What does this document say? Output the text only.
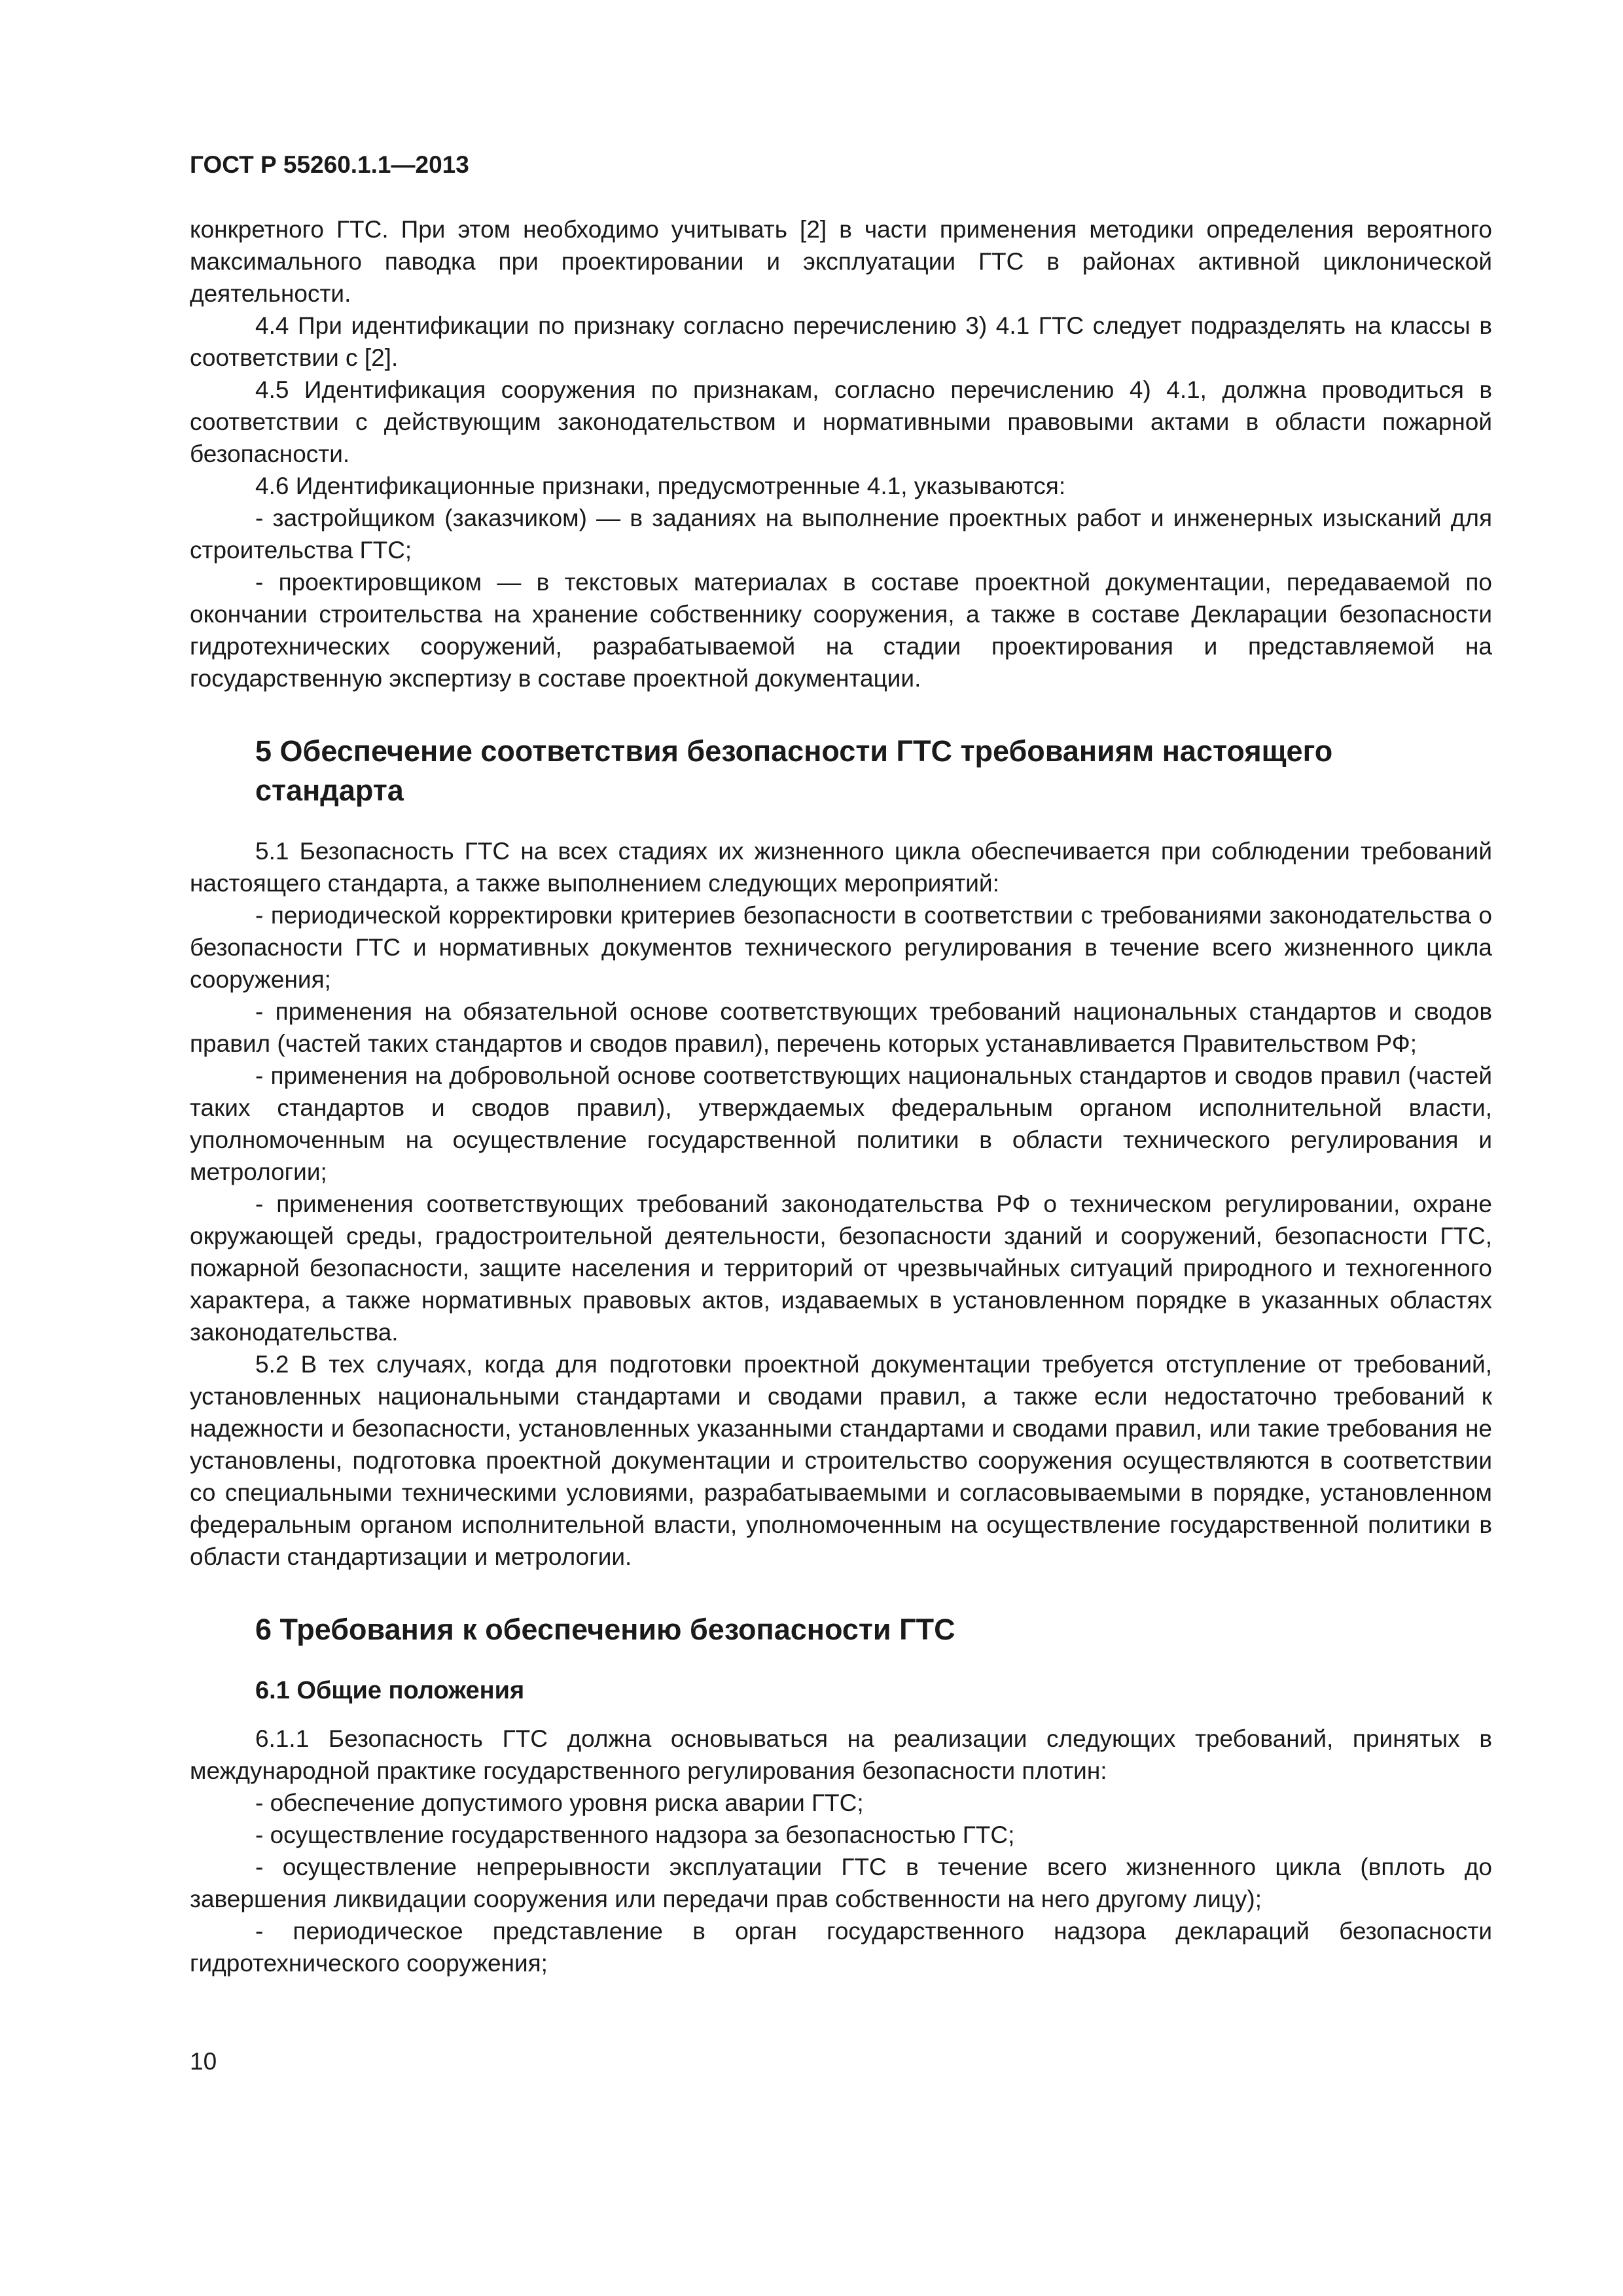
ГОСТ Р 55260.1.1—2013

конкретного ГТС. При этом необходимо учитывать [2] в части применения методики определения вероятного максимального паводка при проектировании и эксплуатации ГТС в районах активной циклонической деятельности.

4.4 При идентификации по признаку согласно перечислению 3) 4.1 ГТС следует подразделять на классы в соответствии с [2].

4.5 Идентификация сооружения по признакам, согласно перечислению 4) 4.1, должна проводиться в соответствии с действующим законодательством и нормативными правовыми актами в области пожарной безопасности.

4.6 Идентификационные признаки, предусмотренные 4.1, указываются:

- застройщиком (заказчиком) — в заданиях на выполнение проектных работ и инженерных изысканий для строительства ГТС;

- проектировщиком — в текстовых материалах в составе проектной документации, передаваемой по окончании строительства на хранение собственнику сооружения, а также в составе Декларации безопасности гидротехнических сооружений, разрабатываемой на стадии проектирования и представляемой на государственную экспертизу в составе проектной документации.

5 Обеспечение соответствия безопасности ГТС требованиям настоящего стандарта

5.1 Безопасность ГТС на всех стадиях их жизненного цикла обеспечивается при соблюдении требований настоящего стандарта, а также выполнением следующих мероприятий:

- периодической корректировки критериев безопасности в соответствии с требованиями законодательства о безопасности ГТС и нормативных документов технического регулирования в течение всего жизненного цикла сооружения;

- применения на обязательной основе соответствующих требований национальных стандартов и сводов правил (частей таких стандартов и сводов правил), перечень которых устанавливается Правительством РФ;

- применения на добровольной основе соответствующих национальных стандартов и сводов правил (частей таких стандартов и сводов правил), утверждаемых федеральным органом исполнительной власти, уполномоченным на осуществление государственной политики в области технического регулирования и метрологии;

- применения соответствующих требований законодательства РФ о техническом регулировании, охране окружающей среды, градостроительной деятельности, безопасности зданий и сооружений, безопасности ГТС, пожарной безопасности, защите населения и территорий от чрезвычайных ситуаций природного и техногенного характера, а также нормативных правовых актов, издаваемых в установленном порядке в указанных областях законодательства.

5.2 В тех случаях, когда для подготовки проектной документации требуется отступление от требований, установленных национальными стандартами и сводами правил, а также если недостаточно требований к надежности и безопасности, установленных указанными стандартами и сводами правил, или такие требования не установлены, подготовка проектной документации и строительство сооружения осуществляются в соответствии со специальными техническими условиями, разрабатываемыми и согласовываемыми в порядке, установленном федеральным органом исполнительной власти, уполномоченным на осуществление государственной политики в области стандартизации и метрологии.

6 Требования к обеспечению безопасности ГТС
6.1 Общие положения

6.1.1 Безопасность ГТС должна основываться на реализации следующих требований, принятых в международной практике государственного регулирования безопасности плотин:

- обеспечение допустимого уровня риска аварии ГТС;

- осуществление государственного надзора за безопасностью ГТС;

- осуществление непрерывности эксплуатации ГТС в течение всего жизненного цикла (вплоть до завершения ликвидации сооружения или передачи прав собственности на него другому лицу);

- периодическое представление в орган государственного надзора деклараций безопасности гидротехнического сооружения;

10
